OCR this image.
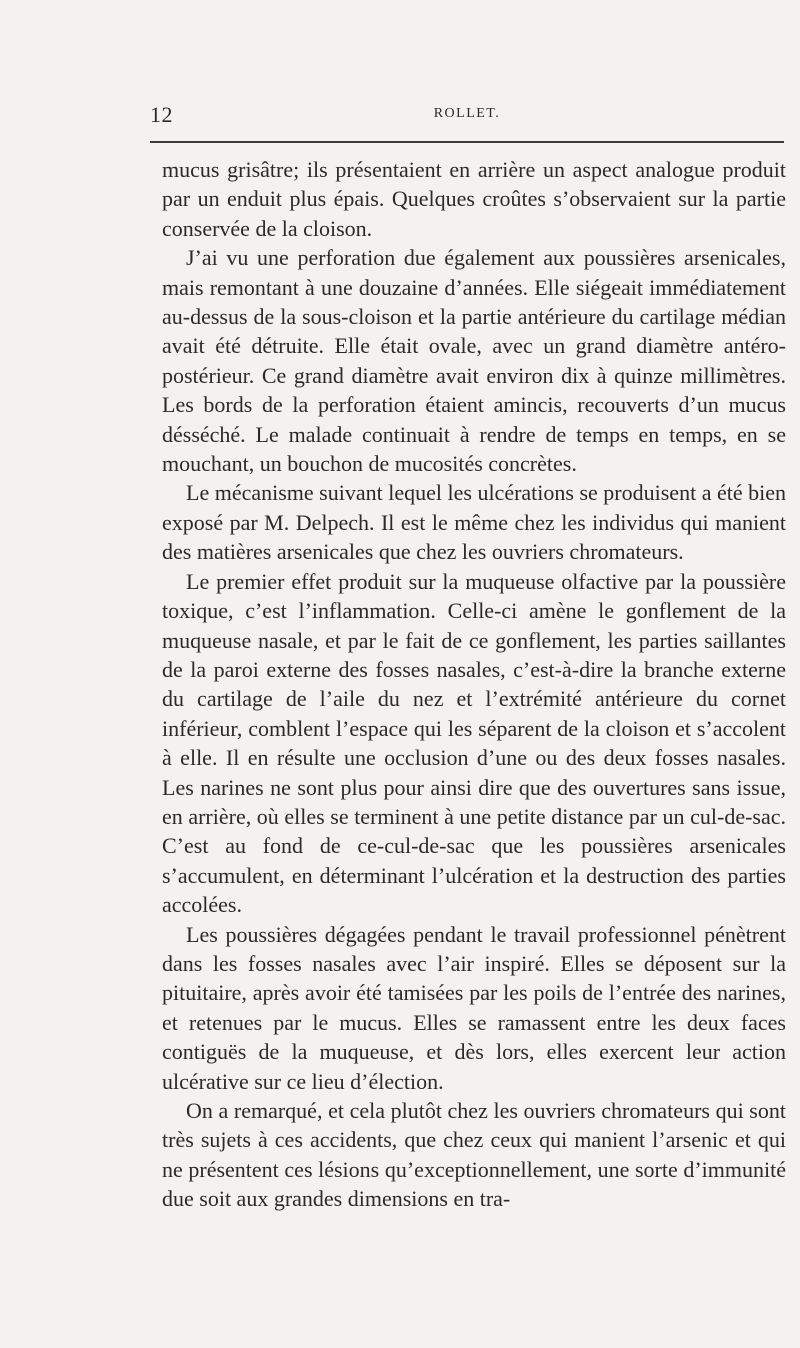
12	ROLLET.

mucus grisâtre; ils présentaient en arrière un aspect analogue produit par un enduit plus épais. Quelques croûtes s’observaient sur la partie conservée de la cloison.

J’ai vu une perforation due également aux poussières arsenicales, mais remontant à une douzaine d’années. Elle siégeait immédiatement au-dessus de la sous-cloison et la partie antérieure du cartilage médian avait été détruite. Elle était ovale, avec un grand diamètre antéro-postérieur. Ce grand diamètre avait environ dix à quinze millimètres. Les bords de la perforation étaient amincis, recouverts d’un mucus désséché. Le malade continuait à rendre de temps en temps, en se mouchant, un bouchon de mucosités concrètes.

Le mécanisme suivant lequel les ulcérations se produisent a été bien exposé par M. Delpech. Il est le même chez les individus qui manient des matières arsenicales que chez les ouvriers chromateurs.

Le premier effet produit sur la muqueuse olfactive par la poussière toxique, c’est l’inflammation. Celle-ci amène le gonflement de la muqueuse nasale, et par le fait de ce gonflement, les parties saillantes de la paroi externe des fosses nasales, c’est-à-dire la branche externe du cartilage de l’aile du nez et l’extrémité antérieure du cornet inférieur, comblent l’espace qui les séparent de la cloison et s’accolent à elle. Il en résulte une occlusion d’une ou des deux fosses nasales. Les narines ne sont plus pour ainsi dire que des ouvertures sans issue, en arrière, où elles se terminent à une petite distance par un cul-de-sac. C’est au fond de ce-cul-de-sac que les poussières arsenicales s’accumulent, en déterminant l’ulcération et la destruction des parties accolées.

Les poussières dégagées pendant le travail professionnel pénètrent dans les fosses nasales avec l’air inspiré. Elles se déposent sur la pituitaire, après avoir été tamisées par les poils de l’entrée des narines, et retenues par le mucus. Elles se ramassent entre les deux faces contiguës de la muqueuse, et dès lors, elles exercent leur action ulcérative sur ce lieu d’élection.

On a remarqué, et cela plutôt chez les ouvriers chromateurs qui sont très sujets à ces accidents, que chez ceux qui manient l’arsenic et qui ne présentent ces lésions qu’exceptionnellement, une sorte d’immunité due soit aux grandes dimensions en tra-
